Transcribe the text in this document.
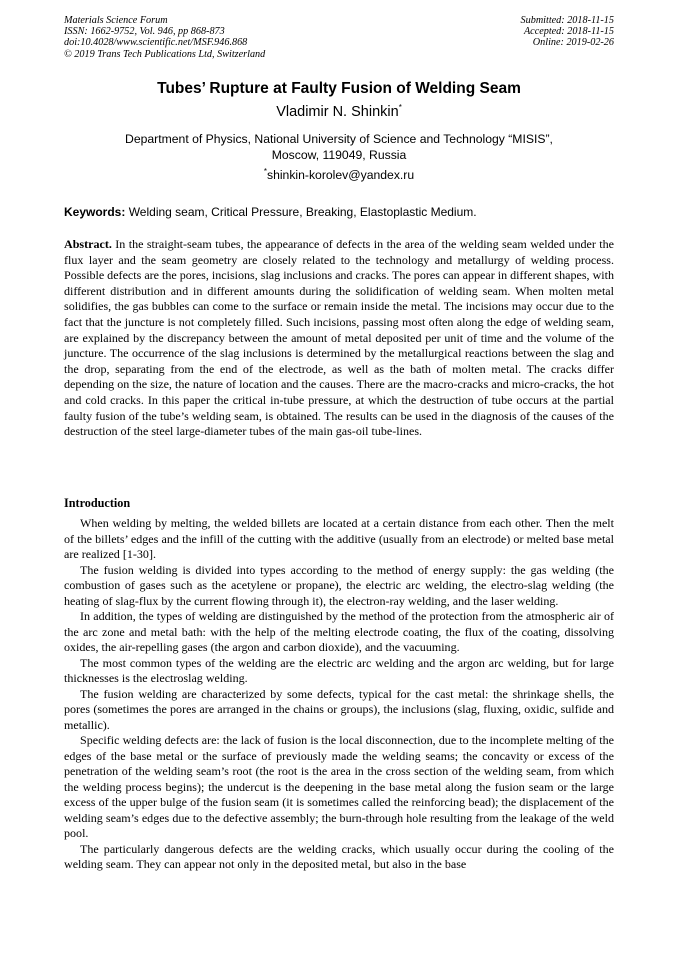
Materials Science Forum
ISSN: 1662-9752, Vol. 946, pp 868-873
doi:10.4028/www.scientific.net/MSF.946.868
© 2019 Trans Tech Publications Ltd, Switzerland
Submitted: 2018-11-15
Accepted: 2018-11-15
Online: 2019-02-26
Tubes’ Rupture at Faulty Fusion of Welding Seam
Vladimir N. Shinkin*
Department of Physics, National University of Science and Technology “MISIS”,
Moscow, 119049, Russia
*shinkin-korolev@yandex.ru
Keywords: Welding seam, Critical Pressure, Breaking, Elastoplastic Medium.

Abstract. In the straight-seam tubes, the appearance of defects in the area of the welding seam welded under the flux layer and the seam geometry are closely related to the technology and metallurgy of welding process. Possible defects are the pores, incisions, slag inclusions and cracks. The pores can appear in different shapes, with different distribution and in different amounts during the solidification of welding seam. When molten metal solidifies, the gas bubbles can come to the surface or remain inside the metal. The incisions may occur due to the fact that the juncture is not completely filled. Such incisions, passing most often along the edge of welding seam, are explained by the discrepancy between the amount of metal deposited per unit of time and the volume of the juncture. The occurrence of the slag inclusions is determined by the metallurgical reactions between the slag and the drop, separating from the end of the electrode, as well as the bath of molten metal. The cracks differ depending on the size, the nature of location and the causes. There are the macro-cracks and micro-cracks, the hot and cold cracks. In this paper the critical in-tube pressure, at which the destruction of tube occurs at the partial faulty fusion of the tube’s welding seam, is obtained. The results can be used in the diagnosis of the causes of the destruction of the steel large-diameter tubes of the main gas-oil tube-lines.

Introduction

When welding by melting, the welded billets are located at a certain distance from each other. Then the melt of the billets’ edges and the infill of the cutting with the additive (usually from an electrode) or melted base metal are realized [1-30].

The fusion welding is divided into types according to the method of energy supply: the gas welding (the combustion of gases such as the acetylene or propane), the electric arc welding, the electro-slag welding (the heating of slag-flux by the current flowing through it), the electron-ray welding, and the laser welding.

In addition, the types of welding are distinguished by the method of the protection from the atmospheric air of the arc zone and metal bath: with the help of the melting electrode coating, the flux of the coating, dissolving oxides, the air-repelling gases (the argon and carbon dioxide), and the vacuuming.

The most common types of the welding are the electric arc welding and the argon arc welding, but for large thicknesses is the electroslag welding.

The fusion welding are characterized by some defects, typical for the cast metal: the shrinkage shells, the pores (sometimes the pores are arranged in the chains or groups), the inclusions (slag, fluxing, oxidic, sulfide and metallic).

Specific welding defects are: the lack of fusion is the local disconnection, due to the incomplete melting of the edges of the base metal or the surface of previously made the welding seams; the concavity or excess of the penetration of the welding seam’s root (the root is the area in the cross section of the welding seam, from which the welding process begins); the undercut is the deepening in the base metal along the fusion seam or the large excess of the upper bulge of the fusion seam (it is sometimes called the reinforcing bead); the displacement of the welding seam’s edges due to the defective assembly; the burn-through hole resulting from the leakage of the weld pool.

The particularly dangerous defects are the welding cracks, which usually occur during the cooling of the welding seam. They can appear not only in the deposited metal, but also in the base
